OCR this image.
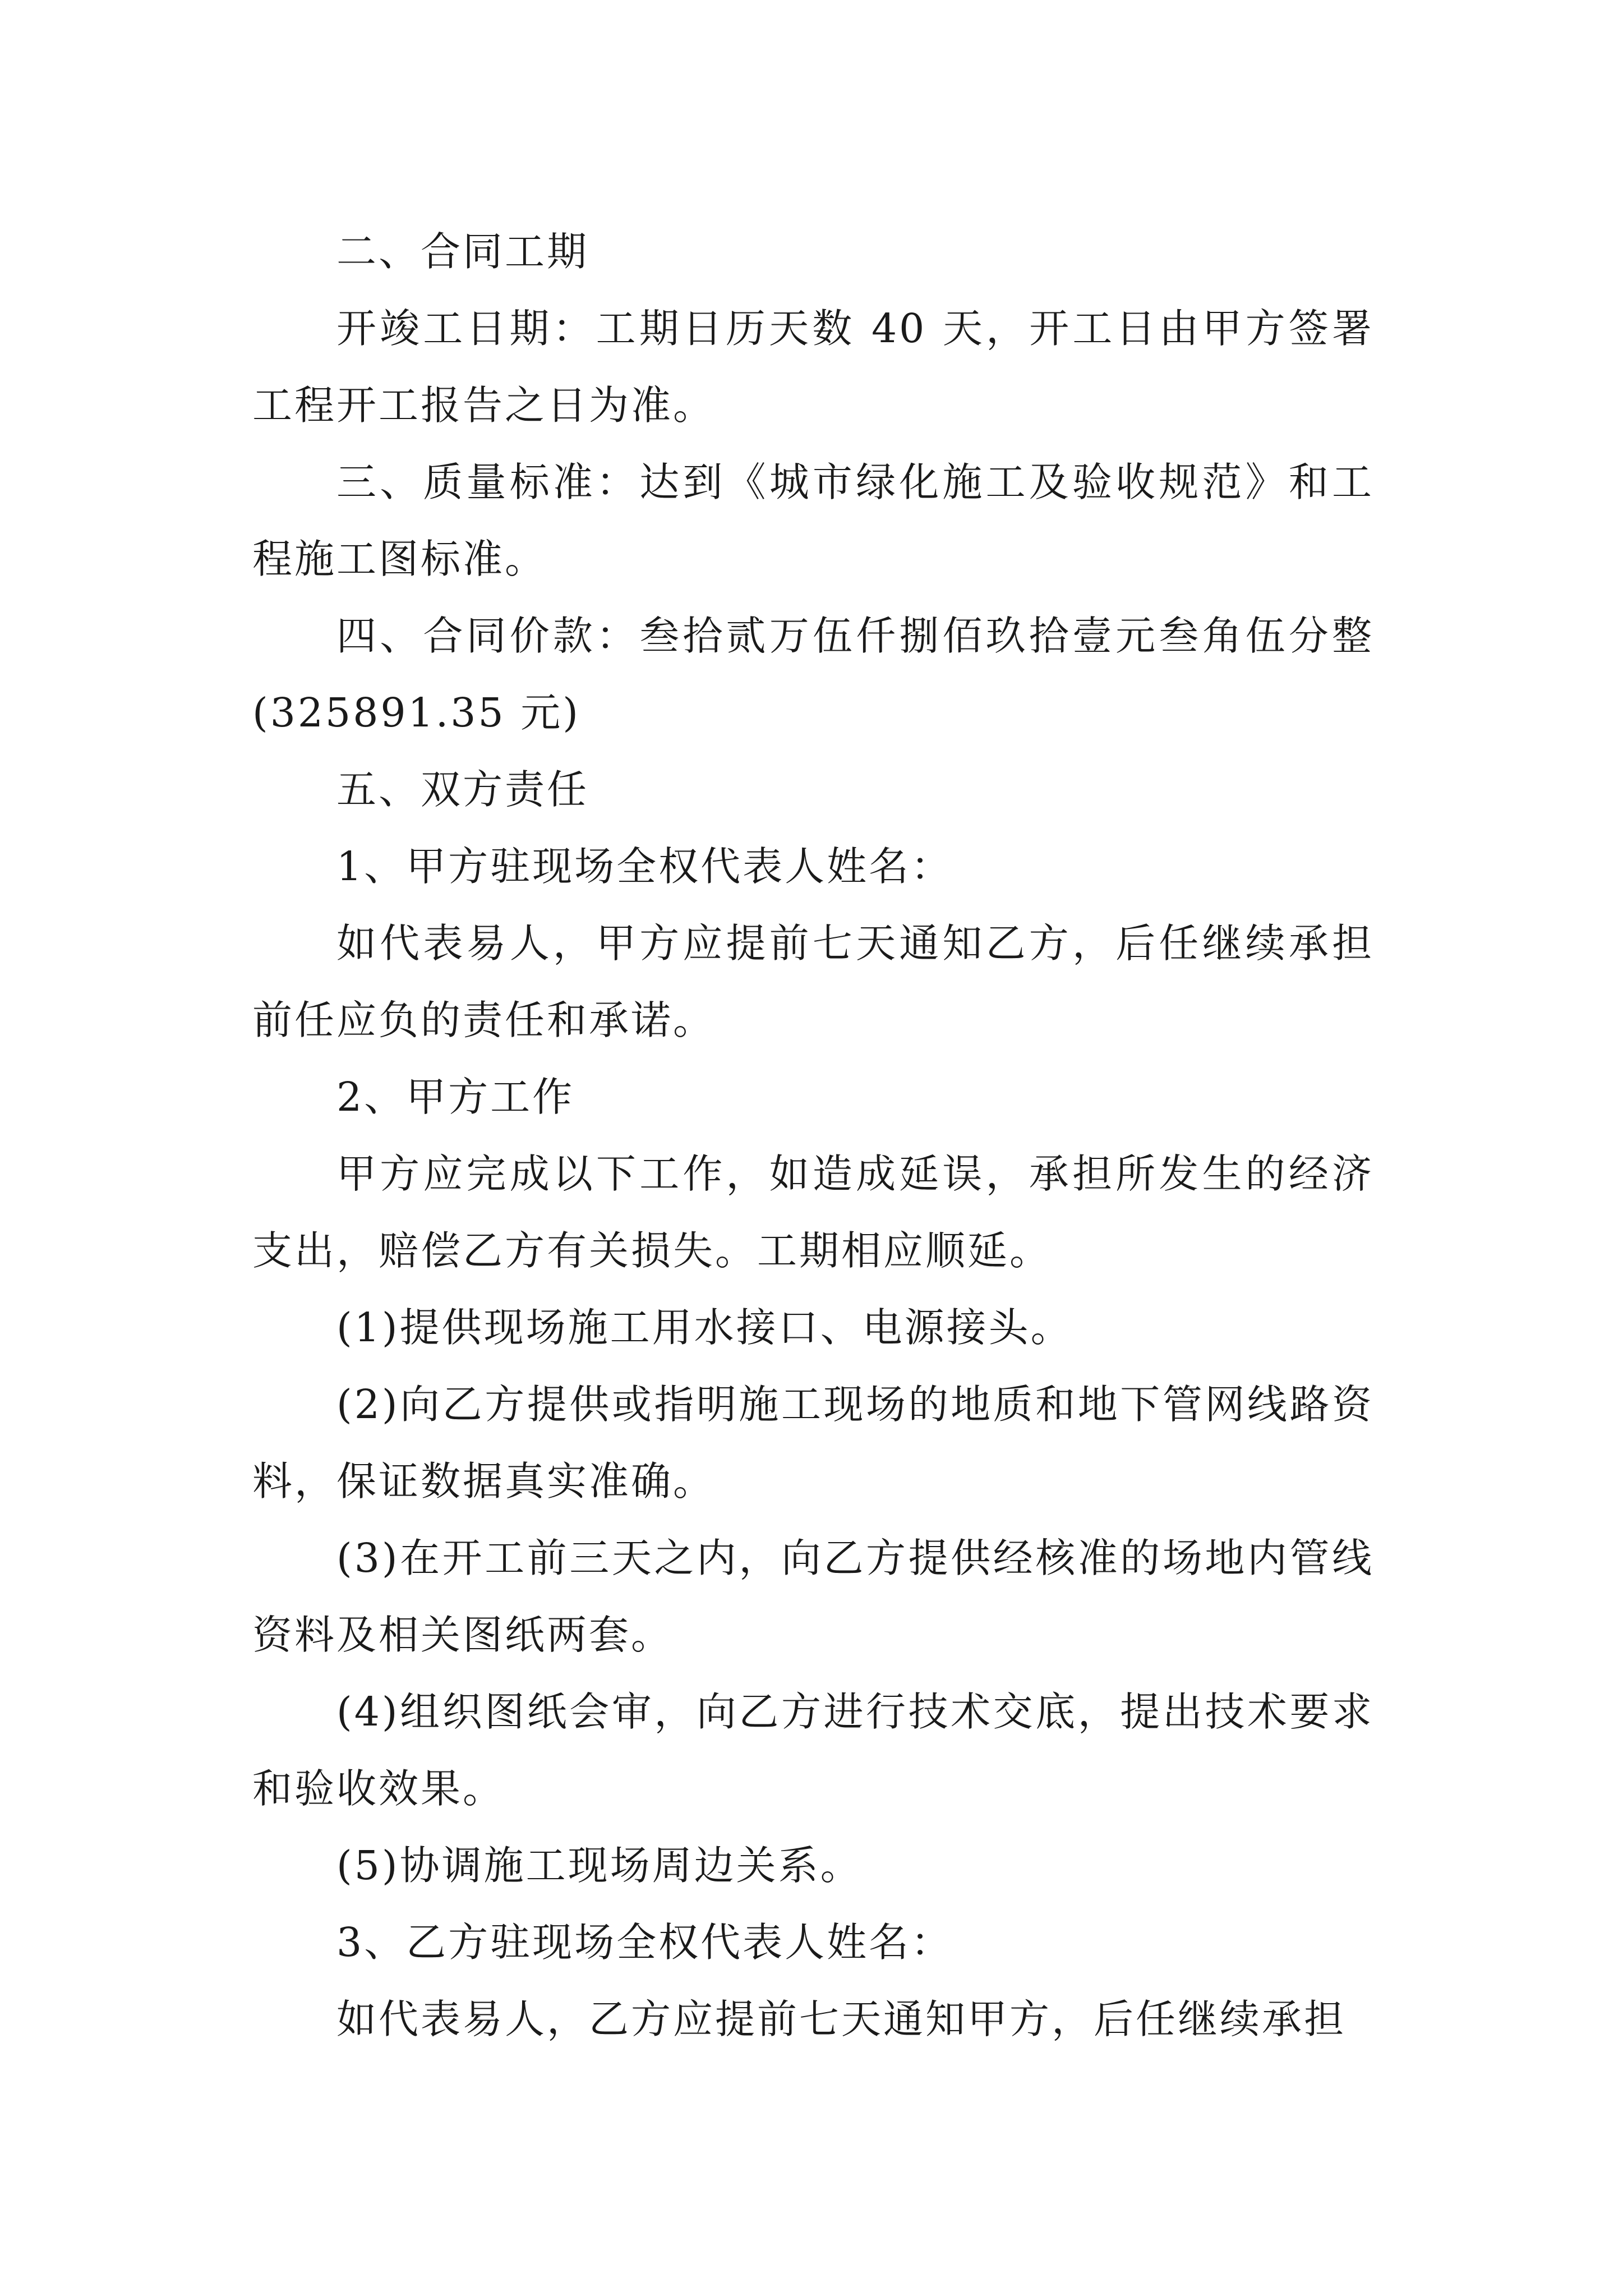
二、合同工期

开竣工日期：工期日历天数 40 天，开工日由甲方签署工程开工报告之日为准。

三、质量标准：达到《城市绿化施工及验收规范》和工程施工图标准。

四、合同价款：叁拾贰万伍仟捌佰玖拾壹元叁角伍分整(325891.35 元)

五、双方责任

1、甲方驻现场全权代表人姓名：

如代表易人，甲方应提前七天通知乙方，后任继续承担前任应负的责任和承诺。

2、甲方工作

甲方应完成以下工作，如造成延误，承担所发生的经济支出，赔偿乙方有关损失。工期相应顺延。

(1)提供现场施工用水接口、电源接头。

(2)向乙方提供或指明施工现场的地质和地下管网线路资料，保证数据真实准确。

(3)在开工前三天之内，向乙方提供经核准的场地内管线资料及相关图纸两套。

(4)组织图纸会审，向乙方进行技术交底，提出技术要求和验收效果。

(5)协调施工现场周边关系。

3、乙方驻现场全权代表人姓名：

如代表易人，乙方应提前七天通知甲方，后任继续承担
